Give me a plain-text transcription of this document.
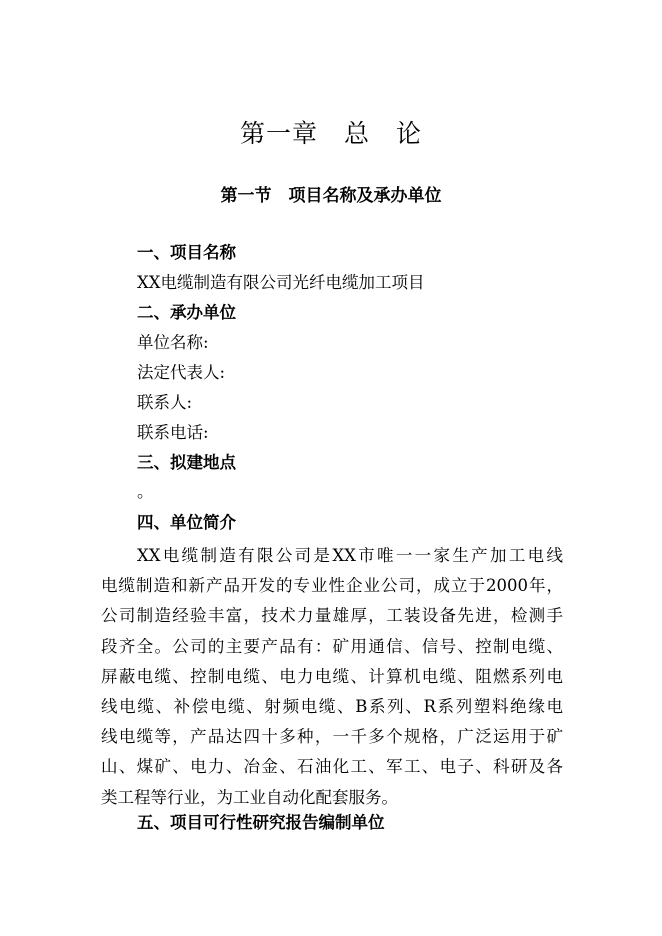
第一章　总　论
第一节　项目名称及承办单位
一、项目名称
XX电缆制造有限公司光纤电缆加工项目
二、承办单位
单位名称:
法定代表人:
联系人:
联系电话:
三、拟建地点
。
四、单位简介
XX电缆制造有限公司是XX市唯一一家生产加工电线
电缆制造和新产品开发的专业性企业公司，成立于2000年，
公司制造经验丰富，技术力量雄厚，工装设备先进，检测手
段齐全。公司的主要产品有：矿用通信、信号、控制电缆、
屏蔽电缆、控制电缆、电力电缆、计算机电缆、阻燃系列电
线电缆、补偿电缆、射频电缆、B系列、R系列塑料绝缘电
线电缆等，产品达四十多种，一千多个规格，广泛运用于矿
山、煤矿、电力、冶金、石油化工、军工、电子、科研及各
类工程等行业，为工业自动化配套服务。
五、项目可行性研究报告编制单位
